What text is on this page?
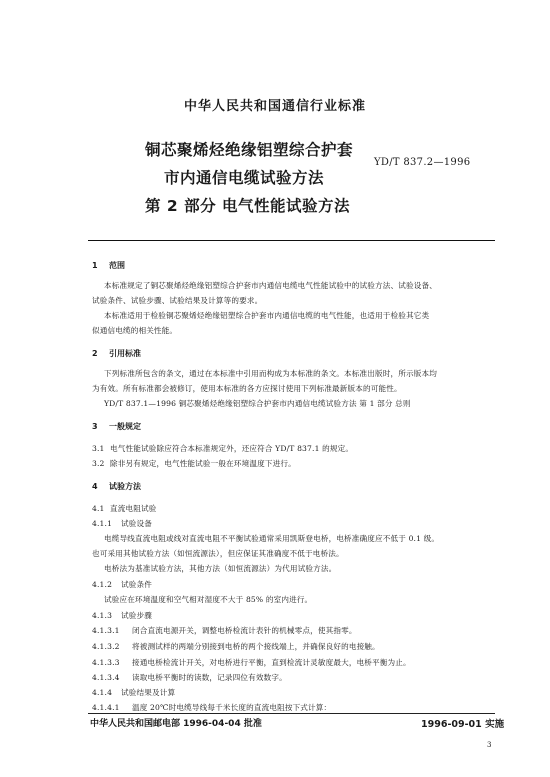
中华人民共和国通信行业标准
铜芯聚烯烃绝缘铝塑综合护套
市内通信电缆试验方法
第 2 部分 电气性能试验方法
YD/T 837.2—1996
1 范围
本标准规定了铜芯聚烯烃绝缘铝塑综合护套市内通信电缆电气性能试验中的试验方法、试验设备、
试验条件、试验步骤、试验结果及计算等的要求。
本标准适用于检验铜芯聚烯烃绝缘铝塑综合护套市内通信电缆的电气性能，也适用于检验其它类
似通信电缆的相关性能。
2 引用标准
下列标准所包含的条文，通过在本标准中引用而构成为本标准的条文。本标准出版时，所示版本均
为有效。所有标准都会被修订，使用本标准的各方应探讨使用下列标准最新版本的可能性。
YD/T 837.1—1996 铜芯聚烯烃绝缘铝塑综合护套市内通信电缆试验方法 第 1 部分 总则
3 一般规定
3.1 电气性能试验除应符合本标准规定外，还应符合 YD/T 837.1 的规定。
3.2 除非另有规定，电气性能试验一般在环境温度下进行。
4 试验方法
4.1 直流电阻试验
4.1.1 试验设备
电缆导线直流电阻或线对直流电阻不平衡试验通常采用凯斯登电桥，电桥准确度应不低于 0.1 级。
也可采用其他试验方法（如恒流源法），但应保证其准确度不低于电桥法。
电桥法为基准试验方法，其他方法（如恒流源法）为代用试验方法。
4.1.2 试验条件
试验应在环境温度和空气相对湿度不大于 85% 的室内进行。
4.1.3 试验步骤
4.1.3.1 闭合直流电源开关，调整电桥检流计表针的机械零点，使其指零。
4.1.3.2 将被测试样的两端分别接到电桥的两个接线端上，并确保良好的电接触。
4.1.3.3 接通电桥检流计开关，对电桥进行平衡，直到检流计灵敏度最大，电桥平衡为止。
4.1.3.4 读取电桥平衡时的读数，记录四位有效数字。
4.1.4 试验结果及计算
4.1.4.1 温度 20℃时电缆导线每千米长度的直流电阻按下式计算：
中华人民共和国邮电部 1996-04-04 批准	1996-09-01 实施
3
